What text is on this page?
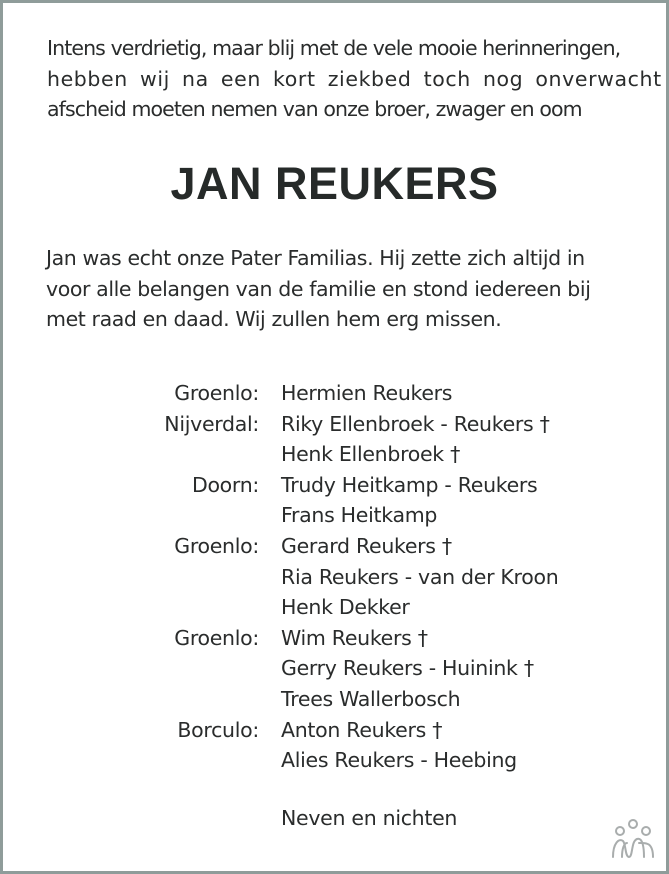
Intens verdrietig, maar blij met de vele mooie herinneringen,
hebben wij na een kort ziekbed toch nog onverwacht
afscheid moeten nemen van onze broer, zwager en oom
JAN REUKERS
Jan was echt onze Pater Familias. Hij zette zich altijd in
voor alle belangen van de familie en stond iedereen bij
met raad en daad. Wij zullen hem erg missen.
Groenlo: Hermien Reukers
Nijverdal: Riky Ellenbroek - Reukers †
Henk Ellenbroek †
Doorn: Trudy Heitkamp - Reukers
Frans Heitkamp
Groenlo: Gerard Reukers †
Ria Reukers - van der Kroon
Henk Dekker
Groenlo: Wim Reukers †
Gerry Reukers - Huinink †
Trees Wallerbosch
Borculo: Anton Reukers †
Alies Reukers - Heebing
Neven en nichten
